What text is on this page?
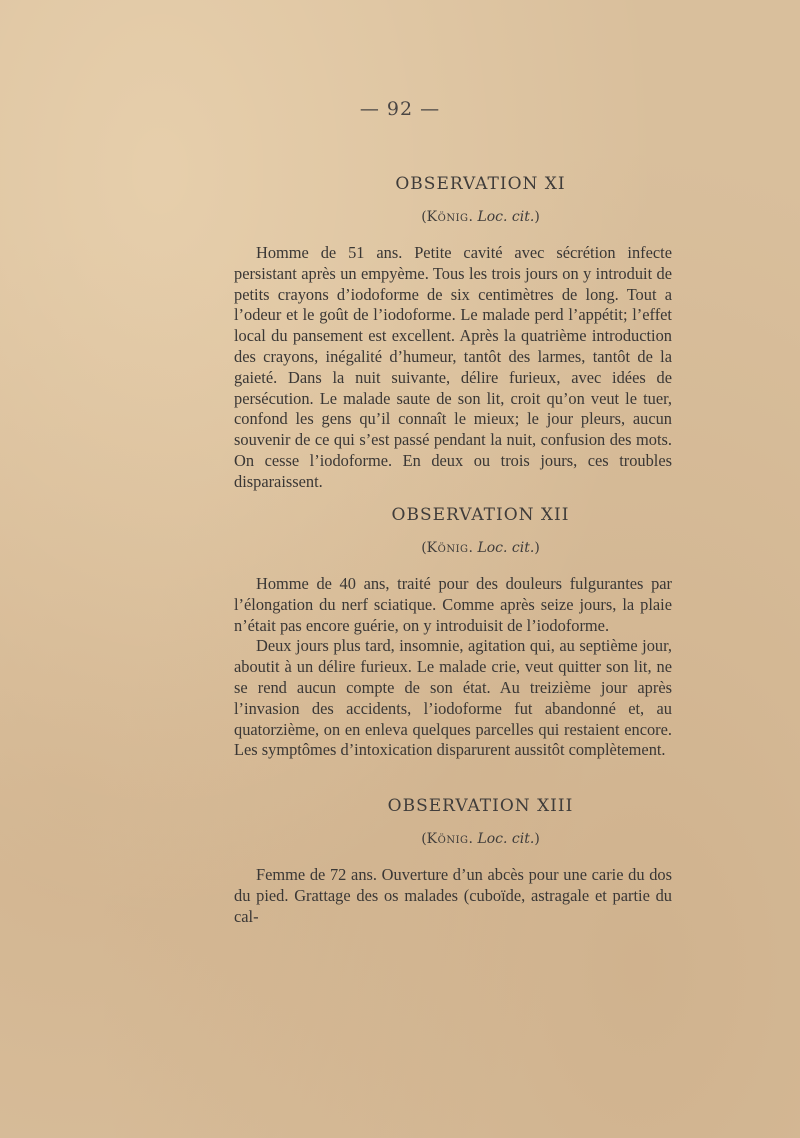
— 92 —
OBSERVATION XI
(König. Loc. cit.)

Homme de 51 ans. Petite cavité avec sécrétion infecte persistant après un empyème. Tous les trois jours on y introduit de petits crayons d’iodoforme de six centimètres de long. Tout a l’odeur et le goût de l’iodoforme. Le malade perd l’appétit; l’effet local du pansement est excellent. Après la quatrième introduction des crayons, inégalité d’humeur, tantôt des larmes, tantôt de la gaieté. Dans la nuit suivante, délire furieux, avec idées de persécution. Le malade saute de son lit, croit qu’on veut le tuer, confond les gens qu’il connaît le mieux; le jour pleurs, aucun souvenir de ce qui s’est passé pendant la nuit, confusion des mots. On cesse l’iodoforme. En deux ou trois jours, ces troubles disparaissent.

OBSERVATION XII
(König. Loc. cit.)

Homme de 40 ans, traité pour des douleurs fulgurantes par l’élongation du nerf sciatique. Comme après seize jours, la plaie n’était pas encore guérie, on y introduisit de l’iodoforme.

Deux jours plus tard, insomnie, agitation qui, au septième jour, aboutit à un délire furieux. Le malade crie, veut quitter son lit, ne se rend aucun compte de son état. Au treizième jour après l’invasion des accidents, l’iodoforme fut abandonné et, au quatorzième, on en enleva quelques parcelles qui restaient encore. Les symptômes d’intoxication disparurent aussitôt complètement.

OBSERVATION XIII
(König. Loc. cit.)

Femme de 72 ans. Ouverture d’un abcès pour une carie du dos du pied. Grattage des os malades (cuboïde, astragale et partie du cal-
